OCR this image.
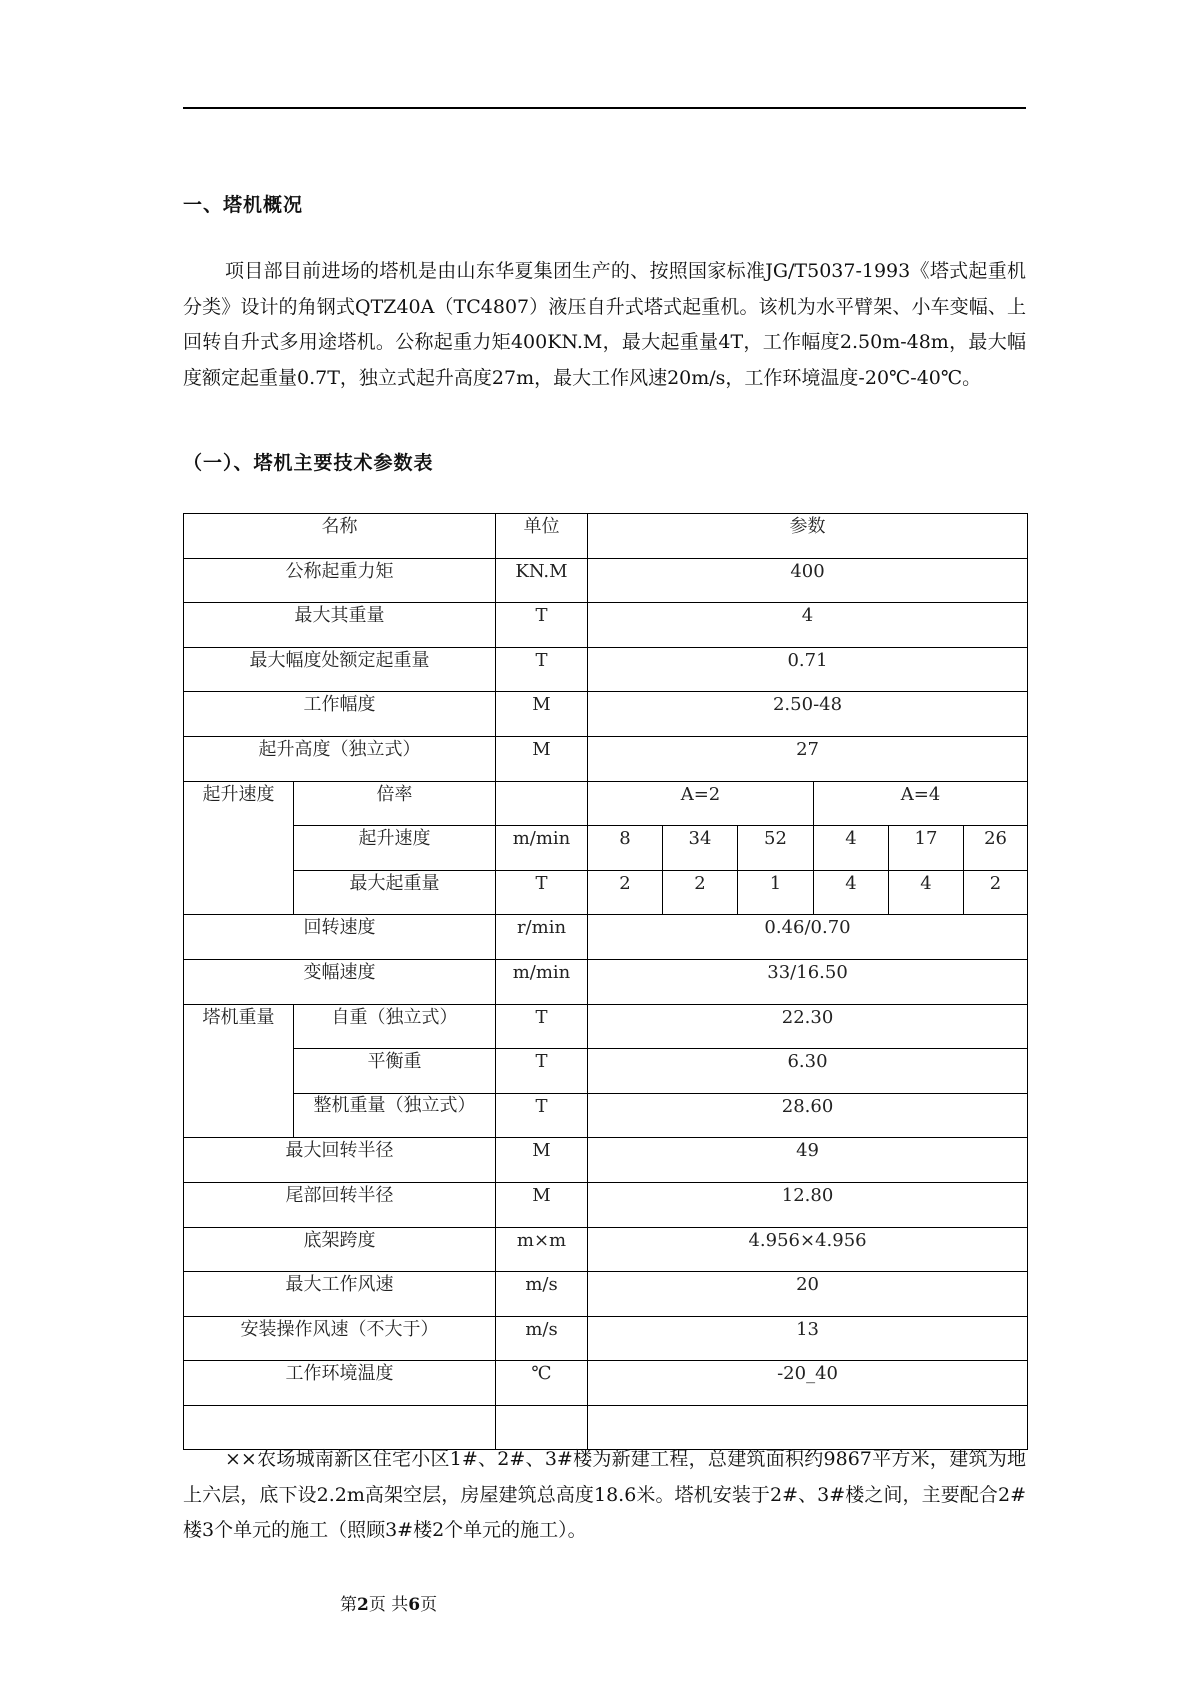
一、塔机概况
项目部目前进场的塔机是由山东华夏集团生产的、按照国家标准JG/T5037-1993《塔式起重机分类》设计的角钢式QTZ40A（TC4807）液压自升式塔式起重机。该机为水平臂架、小车变幅、上回转自升式多用途塔机。公称起重力矩400KN.M，最大起重量4T，工作幅度2.50m-48m，最大幅度额定起重量0.7T，独立式起升高度27m，最大工作风速20m/s，工作环境温度-20℃-40℃。
（一）、塔机主要技术参数表
名称		单位	参数					
公称起重力矩		KN.M	400					
最大其重量		T	4					
最大幅度处额定起重量		T	0.71					
工作幅度		M	2.50-48					
起升高度（独立式）		M	27					
起升速度	倍率		A=2			A=4		
	起升速度	m/min	8	34	52	4	17	26
	最大起重量	T	2	2	1	4	4	2
回转速度		r/min	0.46/0.70					
变幅速度		m/min	33/16.50					
塔机重量	自重（独立式）	T	22.30					
	平衡重	T	6.30					
	整机重量（独立式）	T	28.60					
最大回转半径		M	49					
尾部回转半径		M	12.80					
底架跨度		m×m	4.956×4.956					
最大工作风速		m/s	20					
安装操作风速（不大于）		m/s	13					
工作环境温度		℃	-20_40					

××农场城南新区住宅小区1#、2#、3#楼为新建工程，总建筑面积约9867平方米，建筑为地上六层，底下设2.2m高架空层，房屋建筑总高度18.6米。塔机安装于2#、3#楼之间，主要配合2#楼3个单元的施工（照顾3#楼2个单元的施工）。
第2页 共6页
